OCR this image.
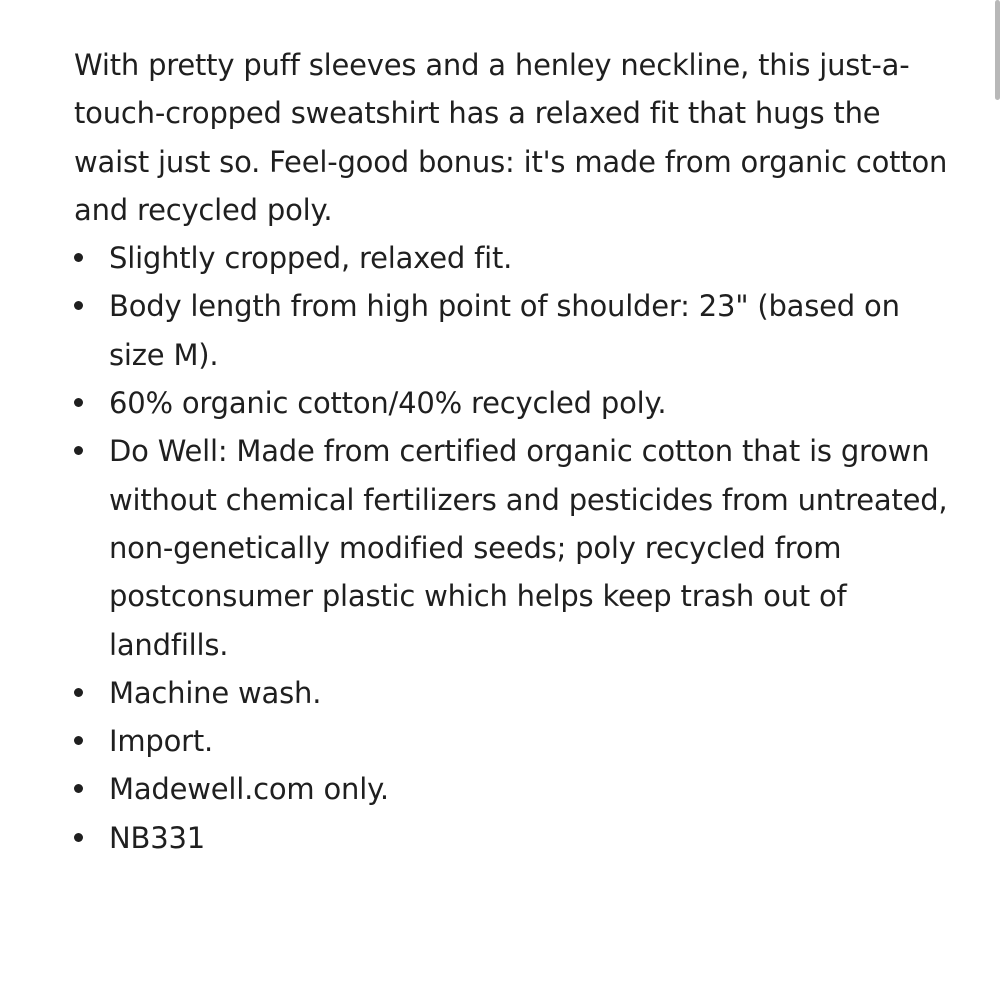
With pretty puff sleeves and a henley neckline, this just-a-touch-cropped sweatshirt has a relaxed fit that hugs the waist just so. Feel-good bonus: it's made from organic cotton and recycled poly.

Slightly cropped, relaxed fit.
Body length from high point of shoulder: 23" (based on size M).
60% organic cotton/40% recycled poly.
Do Well: Made from certified organic cotton that is grown without chemical fertilizers and pesticides from untreated, non-genetically modified seeds; poly recycled from postconsumer plastic which helps keep trash out of landfills.
Machine wash.
Import.
Madewell.com only.
NB331
